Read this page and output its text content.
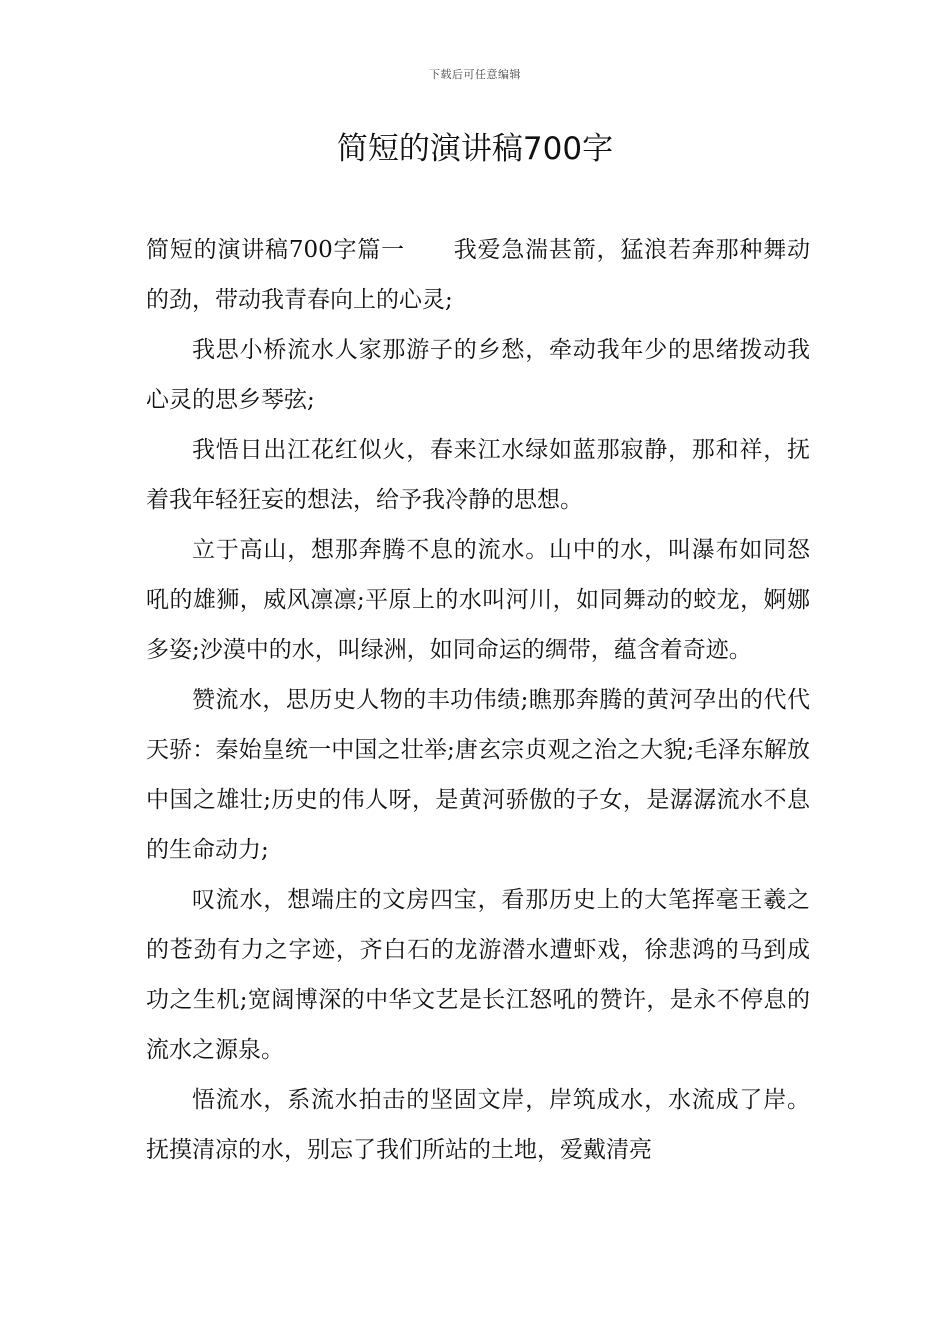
下载后可任意编辑
简短的演讲稿700字

简短的演讲稿700字篇一 我爱急湍甚箭，猛浪若奔那种舞动的劲，带动我青春向上的心灵;

我思小桥流水人家那游子的乡愁，牵动我年少的思绪拨动我心灵的思乡琴弦;

我悟日出江花红似火，春来江水绿如蓝那寂静，那和祥，抚着我年轻狂妄的想法，给予我冷静的思想。

立于高山，想那奔腾不息的流水。山中的水，叫瀑布如同怒吼的雄狮，威风凛凛;平原上的水叫河川，如同舞动的蛟龙，婀娜多姿;沙漠中的水，叫绿洲，如同命运的绸带，蕴含着奇迹。

赞流水，思历史人物的丰功伟绩;瞧那奔腾的黄河孕出的代代天骄：秦始皇统一中国之壮举;唐玄宗贞观之治之大貌;毛泽东解放中国之雄壮;历史的伟人呀，是黄河骄傲的子女，是潺潺流水不息的生命动力;

叹流水，想端庄的文房四宝，看那历史上的大笔挥毫王羲之的苍劲有力之字迹，齐白石的龙游潜水遭虾戏，徐悲鸿的马到成功之生机;宽阔博深的中华文艺是长江怒吼的赞许，是永不停息的流水之源泉。

悟流水，系流水拍击的坚固文岸，岸筑成水，水流成了岸。抚摸清凉的水，别忘了我们所站的土地，爱戴清亮
